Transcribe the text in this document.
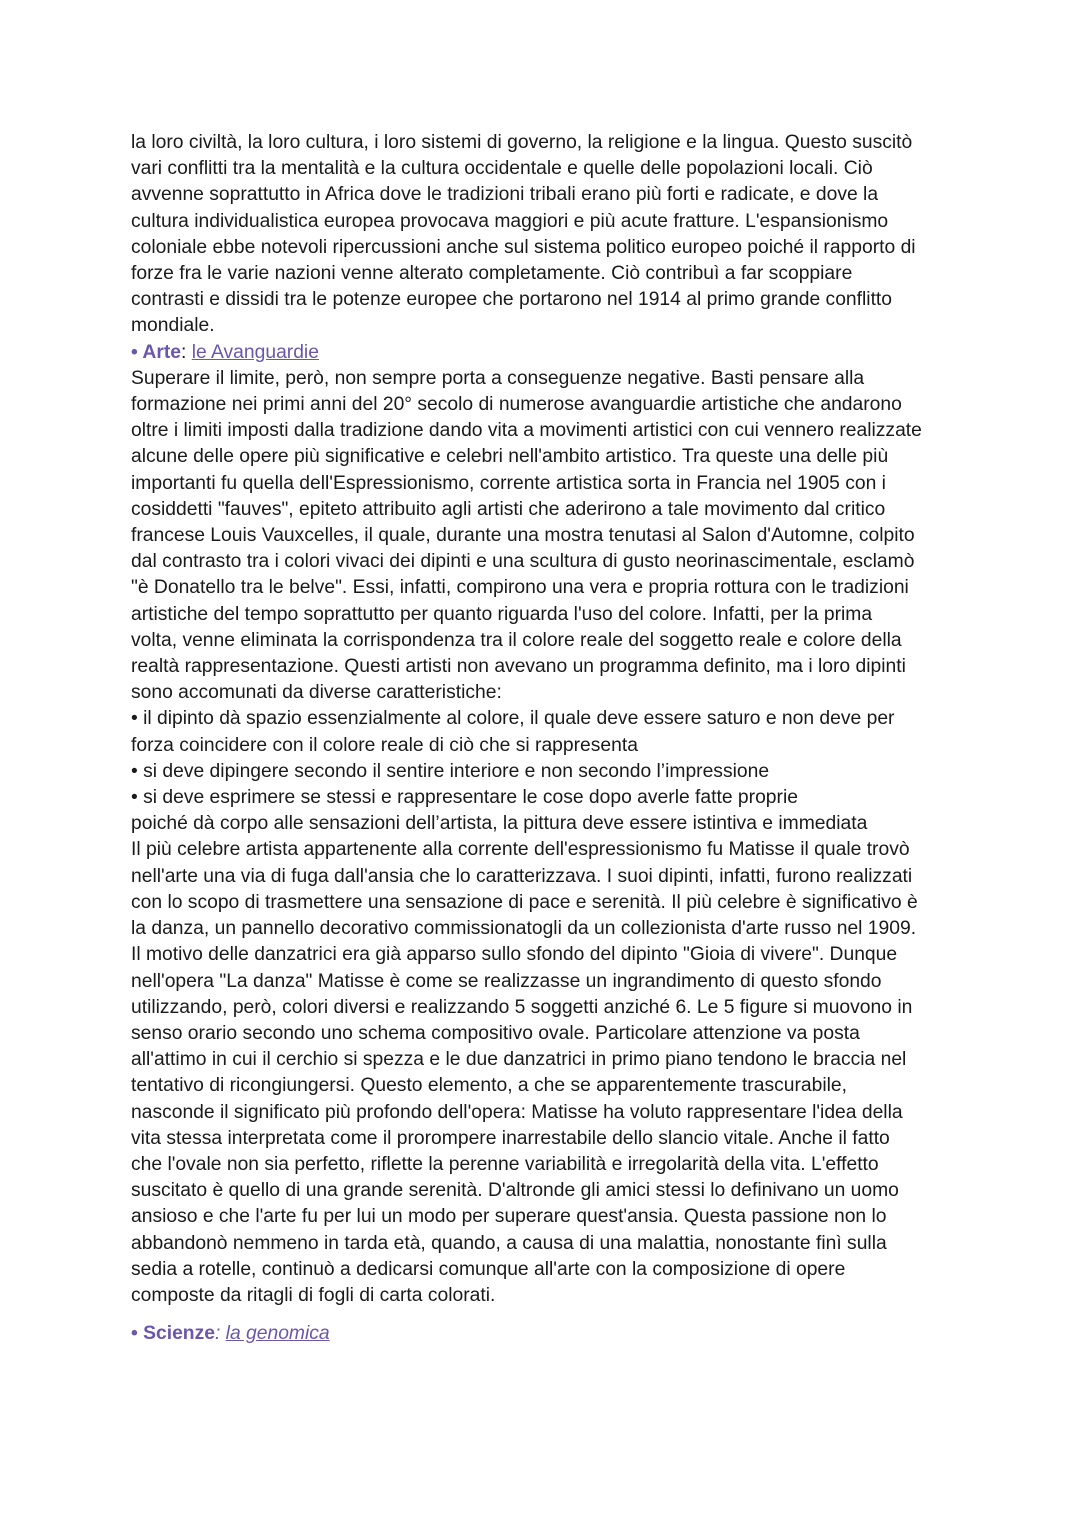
la loro civiltà, la loro cultura, i loro sistemi di governo, la religione e la lingua. Questo suscitò
vari conflitti tra la mentalità e la cultura occidentale e quelle delle popolazioni locali. Ciò
avvenne soprattutto in Africa dove le tradizioni tribali erano più forti e radicate, e dove la
cultura individualistica europea provocava maggiori e più acute fratture. L'espansionismo
coloniale ebbe notevoli ripercussioni anche sul sistema politico europeo poiché il rapporto di
forze fra le varie nazioni venne alterato completamente. Ciò contribuì a far scoppiare
contrasti e dissidi tra le potenze europee che portarono nel 1914 al primo grande conflitto
mondiale.
• Arte: le Avanguardie
Superare il limite, però, non sempre porta a conseguenze negative. Basti pensare alla
formazione nei primi anni del 20° secolo di numerose avanguardie artistiche che andarono
oltre i limiti imposti dalla tradizione dando vita a movimenti artistici con cui vennero realizzate
alcune delle opere più significative e celebri nell'ambito artistico. Tra queste una delle più
importanti fu quella dell'Espressionismo, corrente artistica sorta in Francia nel 1905 con i
cosiddetti "fauves", epiteto attribuito agli artisti che aderirono a tale movimento dal critico
francese Louis Vauxcelles, il quale, durante una mostra tenutasi al Salon d'Automne, colpito
dal contrasto tra i colori vivaci dei dipinti e una scultura di gusto neorinascimentale, esclamò
"è Donatello tra le belve". Essi, infatti, compirono una vera e propria rottura con le tradizioni
artistiche del tempo soprattutto per quanto riguarda l'uso del colore. Infatti, per la prima
volta, venne eliminata la corrispondenza tra il colore reale del soggetto reale e colore della
realtà rappresentazione. Questi artisti non avevano un programma definito, ma i loro dipinti
sono accomunati da diverse caratteristiche:
• il dipinto dà spazio essenzialmente al colore, il quale deve essere saturo e non deve per
forza coincidere con il colore reale di ciò che si rappresenta
• si deve dipingere secondo il sentire interiore e non secondo l’impressione
• si deve esprimere se stessi e rappresentare le cose dopo averle fatte proprie
poiché dà corpo alle sensazioni dell’artista, la pittura deve essere istintiva e immediata
Il più celebre artista appartenente alla corrente dell'espressionismo fu Matisse il quale trovò
nell'arte una via di fuga dall'ansia che lo caratterizzava. I suoi dipinti, infatti, furono realizzati
con lo scopo di trasmettere una sensazione di pace e serenità. Il più celebre è significativo è
la danza, un pannello decorativo commissionatogli da un collezionista d'arte russo nel 1909.
Il motivo delle danzatrici era già apparso sullo sfondo del dipinto "Gioia di vivere". Dunque
nell'opera "La danza" Matisse è come se realizzasse un ingrandimento di questo sfondo
utilizzando, però, colori diversi e realizzando 5 soggetti anziché 6. Le 5 figure si muovono in
senso orario secondo uno schema compositivo ovale. Particolare attenzione va posta
all'attimo in cui il cerchio si spezza e le due danzatrici in primo piano tendono le braccia nel
tentativo di ricongiungersi. Questo elemento, a che se apparentemente trascurabile,
nasconde il significato più profondo dell'opera: Matisse ha voluto rappresentare l'idea della
vita stessa interpretata come il prorompere inarrestabile dello slancio vitale. Anche il fatto
che l'ovale non sia perfetto, riflette la perenne variabilità e irregolarità della vita. L'effetto
suscitato è quello di una grande serenità. D'altronde gli amici stessi lo definivano un uomo
ansioso e che l'arte fu per lui un modo per superare quest'ansia. Questa passione non lo
abbandonò nemmeno in tarda età, quando, a causa di una malattia, nonostante finì sulla
sedia a rotelle, continuò a dedicarsi comunque all'arte con la composizione di opere
composte da ritagli di fogli di carta colorati.
• Scienze: la genomica
